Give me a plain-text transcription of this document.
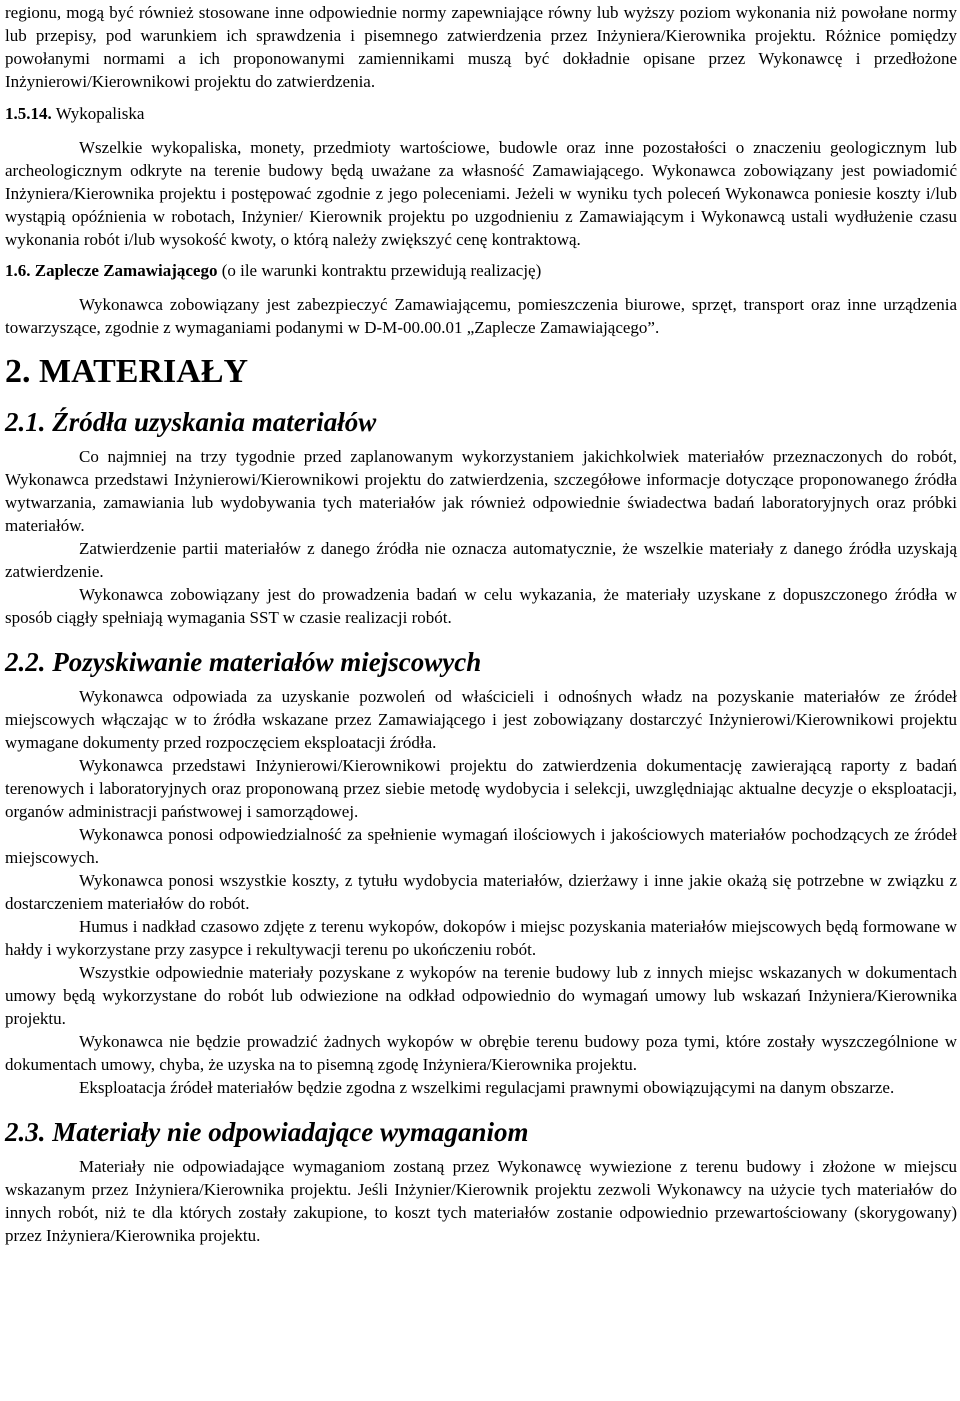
regionu, mogą być również stosowane inne odpowiednie normy zapewniające równy lub wyższy poziom wykonania niż powołane normy lub przepisy, pod warunkiem ich sprawdzenia i pisemnego zatwierdzenia przez Inżyniera/Kierownika projektu. Różnice pomiędzy powołanymi normami a ich proponowanymi zamiennikami muszą być dokładnie opisane przez Wykonawcę i przedłożone Inżynierowi/Kierownikowi projektu do zatwierdzenia.

1.5.14. Wykopaliska

Wszelkie wykopaliska, monety, przedmioty wartościowe, budowle oraz inne pozostałości o znaczeniu geologicznym lub archeologicznym odkryte na terenie budowy będą uważane za własność Zamawiającego. Wykonawca zobowiązany jest powiadomić Inżyniera/Kierownika projektu i postępować zgodnie z jego poleceniami. Jeżeli w wyniku tych poleceń Wykonawca poniesie koszty i/lub wystąpią opóźnienia w robotach, Inżynier/ Kierownik projektu po uzgodnieniu z Zamawiającym i Wykonawcą ustali wydłużenie czasu wykonania robót i/lub wysokość kwoty, o którą należy zwiększyć cenę kontraktową.

1.6. Zaplecze Zamawiającego (o ile warunki kontraktu przewidują realizację)

Wykonawca zobowiązany jest zabezpieczyć Zamawiającemu, pomieszczenia biurowe, sprzęt, transport oraz inne urządzenia towarzyszące, zgodnie z wymaganiami podanymi w D-M-00.00.01 „Zaplecze Zamawiającego”.

2. MATERIAŁY
2.1. Źródła uzyskania materiałów

Co najmniej na trzy tygodnie przed zaplanowanym wykorzystaniem jakichkolwiek materiałów przeznaczonych do robót, Wykonawca przedstawi Inżynierowi/Kierownikowi projektu do zatwierdzenia, szczegółowe informacje dotyczące proponowanego źródła wytwarzania, zamawiania lub wydobywania tych materiałów jak również odpowiednie świadectwa badań laboratoryjnych oraz próbki materiałów.

Zatwierdzenie partii materiałów z danego źródła nie oznacza automatycznie, że wszelkie materiały z danego źródła uzyskają zatwierdzenie.

Wykonawca zobowiązany jest do prowadzenia badań w celu wykazania, że materiały uzyskane z dopuszczonego źródła w sposób ciągły spełniają wymagania SST w czasie realizacji robót.

2.2. Pozyskiwanie materiałów miejscowych

Wykonawca odpowiada za uzyskanie pozwoleń od właścicieli i odnośnych władz na pozyskanie materiałów ze źródeł miejscowych włączając w to źródła wskazane przez Zamawiającego i jest zobowiązany dostarczyć Inżynierowi/Kierownikowi projektu wymagane dokumenty przed rozpoczęciem eksploatacji źródła.

Wykonawca przedstawi Inżynierowi/Kierownikowi projektu do zatwierdzenia dokumentację zawierającą raporty z badań terenowych i laboratoryjnych oraz proponowaną przez siebie metodę wydobycia i selekcji, uwzględniając aktualne decyzje o eksploatacji, organów administracji państwowej i samorządowej.

Wykonawca ponosi odpowiedzialność za spełnienie wymagań ilościowych i jakościowych materiałów pochodzących ze źródeł miejscowych.

Wykonawca ponosi wszystkie koszty, z tytułu wydobycia materiałów, dzierżawy i inne jakie okażą się potrzebne w związku z dostarczeniem materiałów do robót.

Humus i nadkład czasowo zdjęte z terenu wykopów, dokopów i miejsc pozyskania materiałów miejscowych będą formowane w hałdy i wykorzystane przy zasypce i rekultywacji terenu po ukończeniu robót.

Wszystkie odpowiednie materiały pozyskane z wykopów na terenie budowy lub z innych miejsc wskazanych w dokumentach umowy będą wykorzystane do robót lub odwiezione na odkład odpowiednio do wymagań umowy lub wskazań Inżyniera/Kierownika projektu.

Wykonawca nie będzie prowadzić żadnych wykopów w obrębie terenu budowy poza tymi, które zostały wyszczególnione w dokumentach umowy, chyba, że uzyska na to pisemną zgodę Inżyniera/Kierownika projektu.

Eksploatacja źródeł materiałów będzie zgodna z wszelkimi regulacjami prawnymi obowiązującymi na danym obszarze.

2.3. Materiały nie odpowiadające wymaganiom

Materiały nie odpowiadające wymaganiom zostaną przez Wykonawcę wywiezione z terenu budowy i złożone w miejscu wskazanym przez Inżyniera/Kierownika projektu. Jeśli Inżynier/Kierownik projektu zezwoli Wykonawcy na użycie tych materiałów do innych robót, niż te dla których zostały zakupione, to koszt tych materiałów zostanie odpowiednio przewartościowany (skorygowany) przez Inżyniera/Kierownika projektu.
